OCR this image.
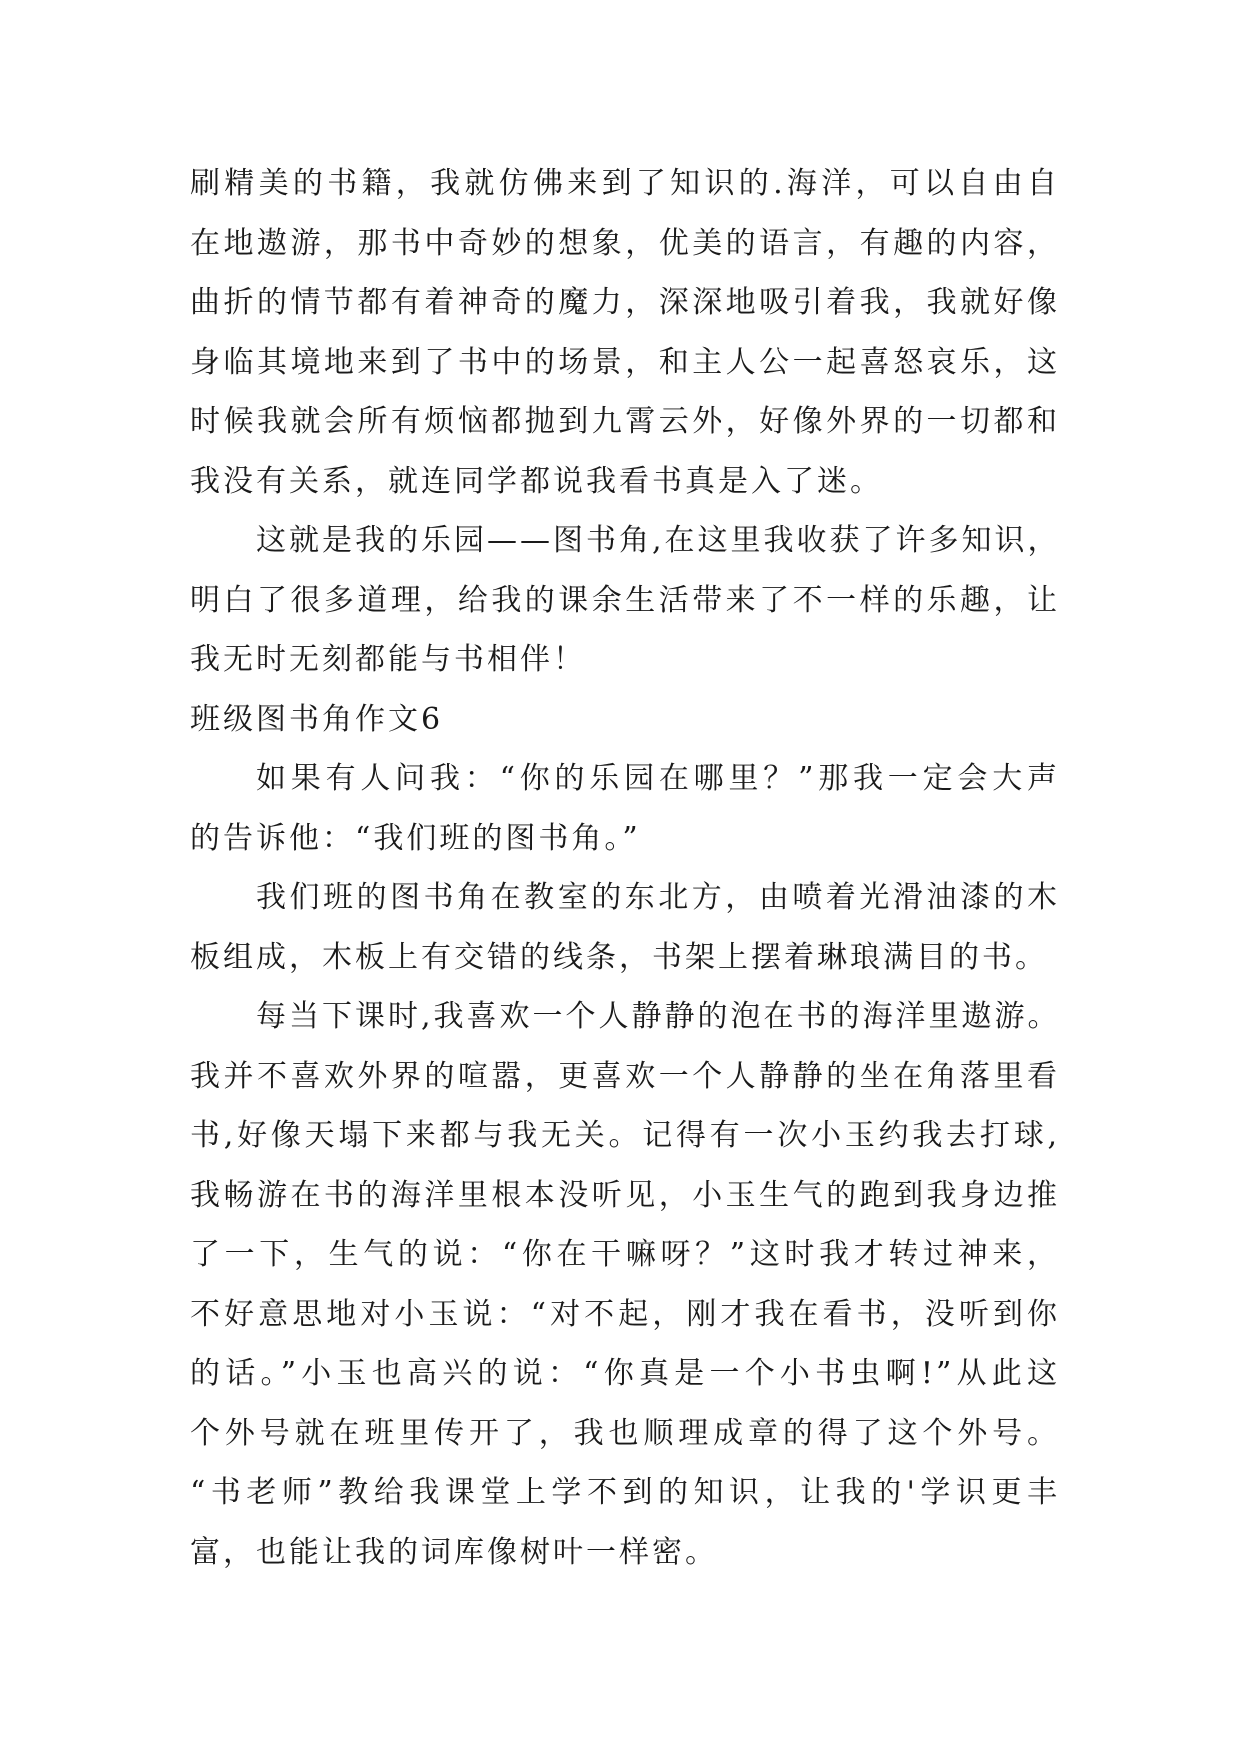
刷精美的书籍，我就仿佛来到了知识的.海洋，可以自由自
在地遨游，那书中奇妙的想象，优美的语言，有趣的内容，
曲折的情节都有着神奇的魔力，深深地吸引着我，我就好像
身临其境地来到了书中的场景，和主人公一起喜怒哀乐，这
时候我就会所有烦恼都抛到九霄云外，好像外界的一切都和
我没有关系，就连同学都说我看书真是入了迷。
这就是我的乐园——图书角,在这里我收获了许多知识，
明白了很多道理，给我的课余生活带来了不一样的乐趣，让
我无时无刻都能与书相伴！
班级图书角作文6
如果有人问我：“你的乐园在哪里？”那我一定会大声
的告诉他：“我们班的图书角。”
我们班的图书角在教室的东北方，由喷着光滑油漆的木
板组成，木板上有交错的线条，书架上摆着琳琅满目的书。
每当下课时,我喜欢一个人静静的泡在书的海洋里遨游。
我并不喜欢外界的喧嚣，更喜欢一个人静静的坐在角落里看
书,好像天塌下来都与我无关。记得有一次小玉约我去打球,
我畅游在书的海洋里根本没听见，小玉生气的跑到我身边推
了一下，生气的说：“你在干嘛呀？”这时我才转过神来，
不好意思地对小玉说：“对不起，刚才我在看书，没听到你
的话。”小玉也高兴的说：“你真是一个小书虫啊!”从此这
个外号就在班里传开了，我也顺理成章的得了这个外号。
“书老师”教给我课堂上学不到的知识，让我的'学识更丰
富，也能让我的词库像树叶一样密。
